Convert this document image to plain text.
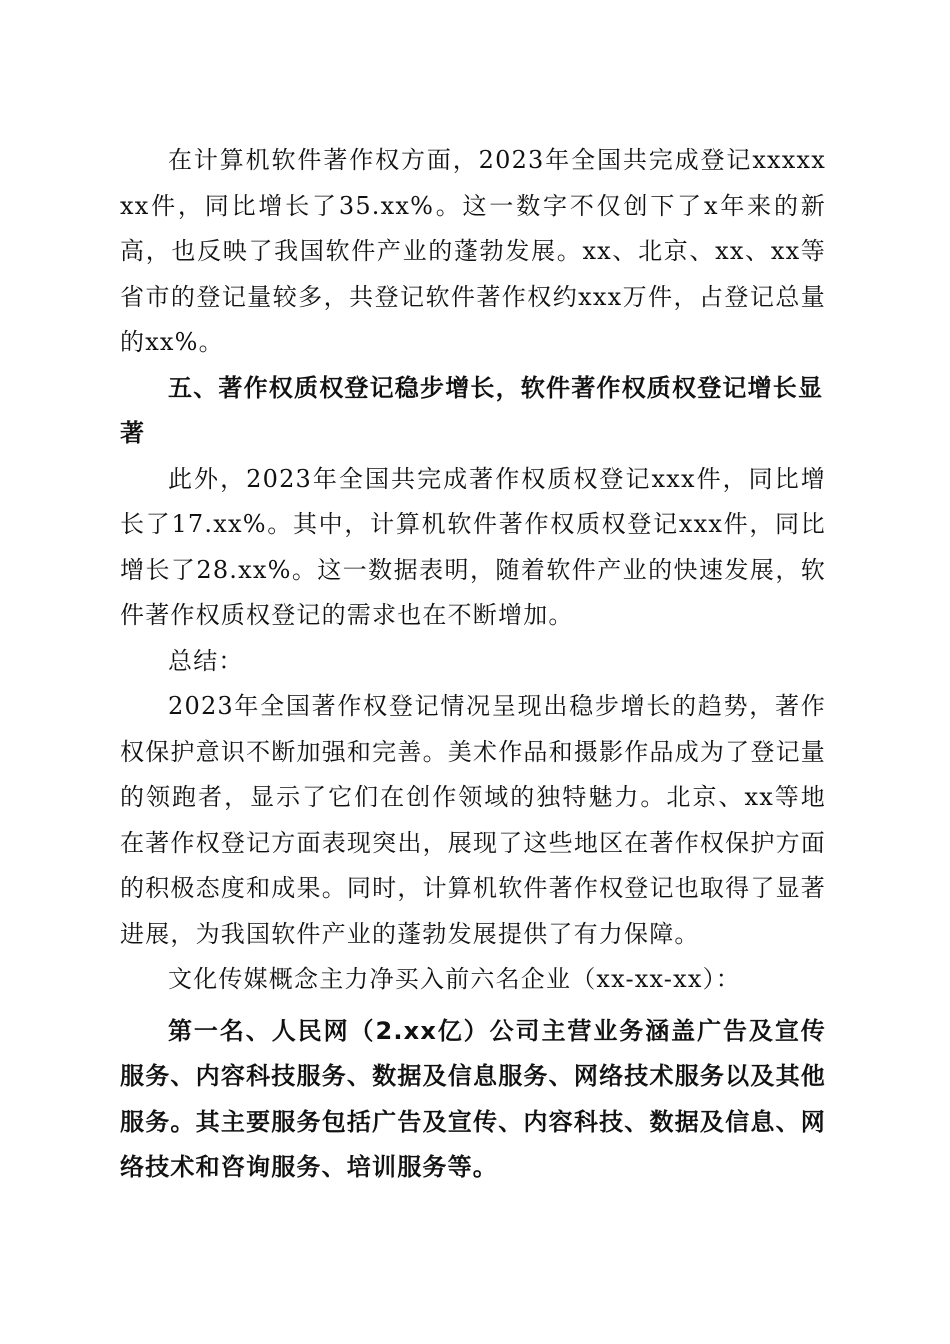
在计算机软件著作权方面，2023年全国共完成登记xxxxxxx件，同比增长了35.xx%。这一数字不仅创下了x年来的新高，也反映了我国软件产业的蓬勃发展。xx、北京、xx、xx等省市的登记量较多，共登记软件著作权约xxx万件，占登记总量的xx%。

五、著作权质权登记稳步增长，软件著作权质权登记增长显著

此外，2023年全国共完成著作权质权登记xxx件，同比增长了17.xx%。其中，计算机软件著作权质权登记xxx件，同比增长了28.xx%。这一数据表明，随着软件产业的快速发展，软件著作权质权登记的需求也在不断增加。

总结：

2023年全国著作权登记情况呈现出稳步增长的趋势，著作权保护意识不断加强和完善。美术作品和摄影作品成为了登记量的领跑者，显示了它们在创作领域的独特魅力。北京、xx等地在著作权登记方面表现突出，展现了这些地区在著作权保护方面的积极态度和成果。同时，计算机软件著作权登记也取得了显著进展，为我国软件产业的蓬勃发展提供了有力保障。

文化传媒概念主力净买入前六名企业（xx-xx-xx）：

第一名、人民网（2.xx亿）公司主营业务涵盖广告及宣传服务、内容科技服务、数据及信息服务、网络技术服务以及其他服务。其主要服务包括广告及宣传、内容科技、数据及信息、网络技术和咨询服务、培训服务等。
